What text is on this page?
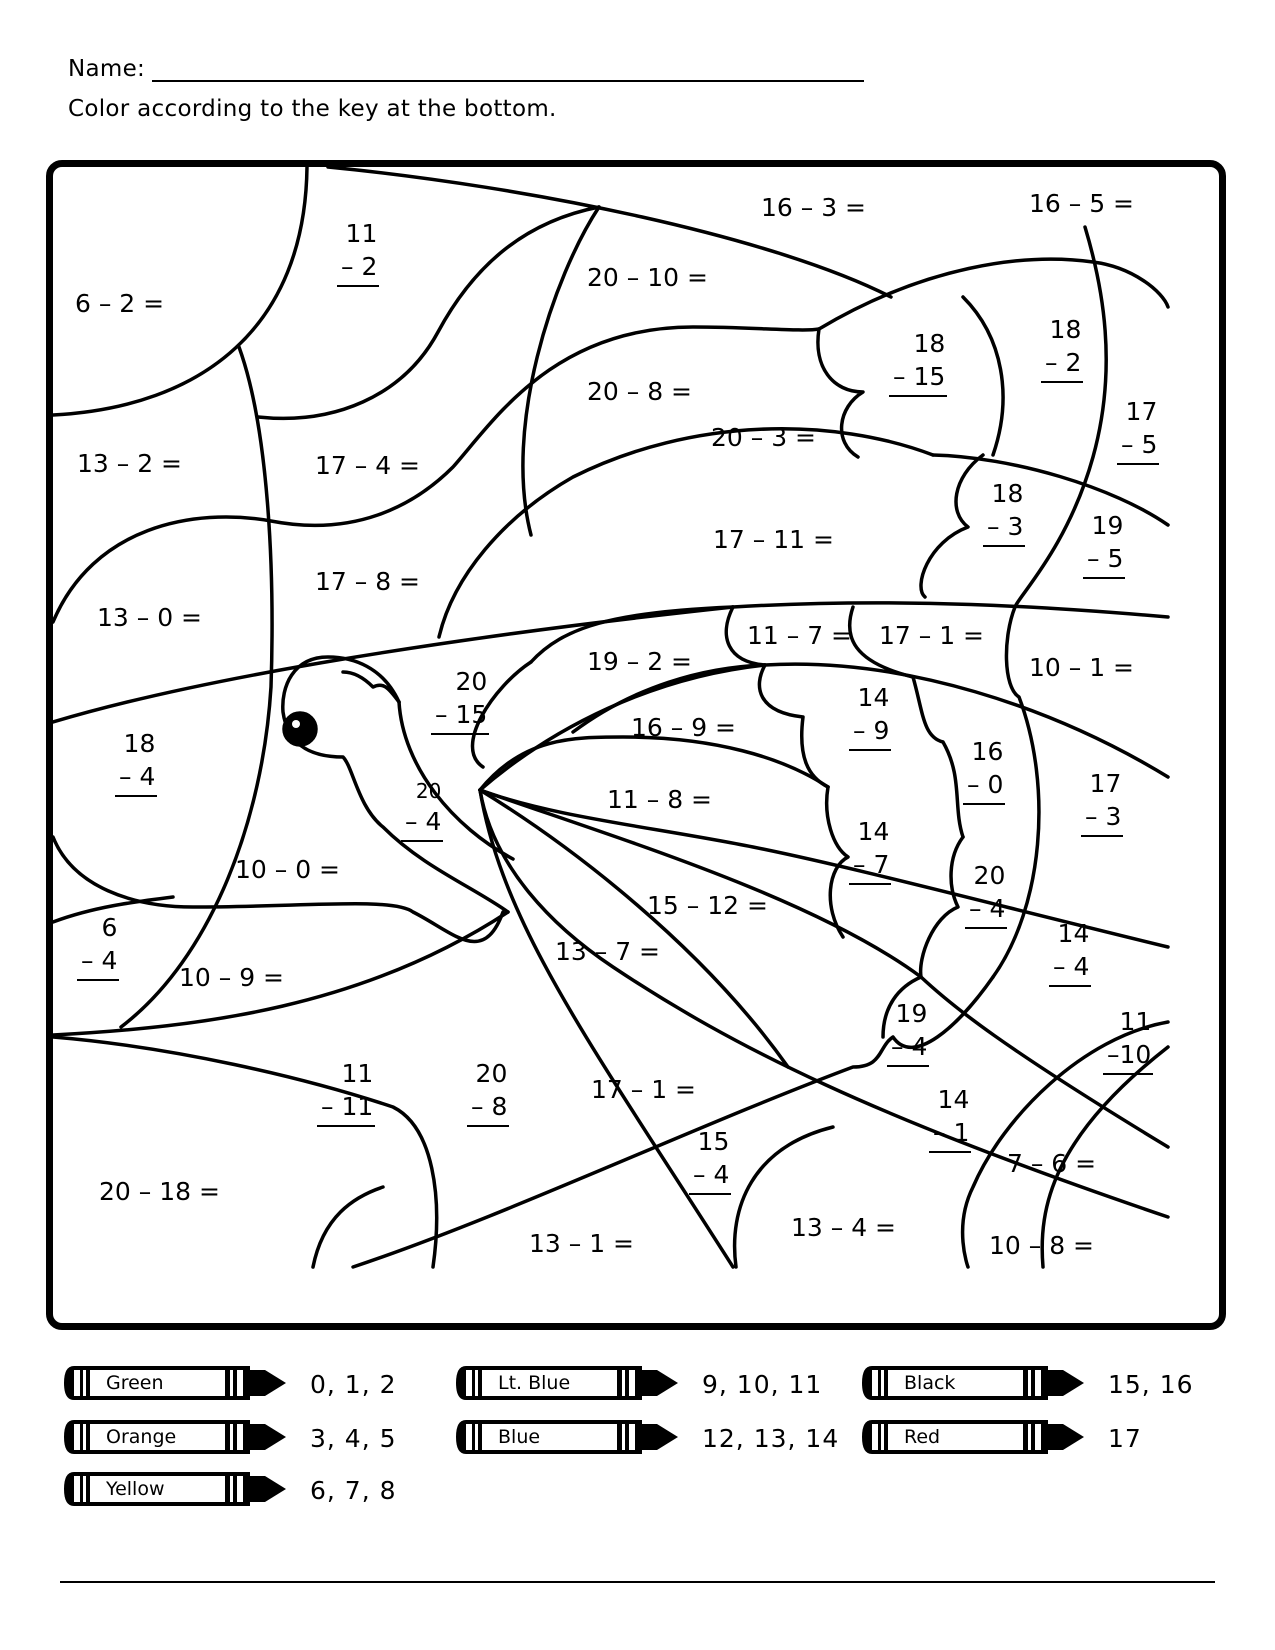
Name:
Color according to the key at the bottom.
6 – 2 =
20 – 10 =
16 – 3 =	16 – 5 =
13 – 2 =	17 – 4 =
20 – 8 =
20 – 3 =
13 – 0 =
17 – 8 =
17 – 11 =
19 – 2 =
11 – 7 = 17 – 1 =
10 – 1 =
16 – 9 =
11 – 8 =
10 – 0 =
15 – 12 =
10 – 9 =
13 – 7 =
17 – 1 =
7 – 6 =
20 – 18 =
13 – 1 =
13 – 4 =
10 – 8 =
11
– 2
18
– 15
18
– 2
17
– 5
18
– 3	19
– 5
18
– 4
20
– 15
14
– 9
16
– 0	17
– 3
20
– 4	14
– 7	20
– 4
6
– 4
14
– 4
19
– 4
11
–10
11
– 11
20
– 8
15
– 4
14
– 1
Green	0, 1, 2	Lt. Blue	9, 10, 11	Black	15, 16
Orange	3, 4, 5	Blue	12, 13, 14	Red	17
Yellow	6, 7, 8
